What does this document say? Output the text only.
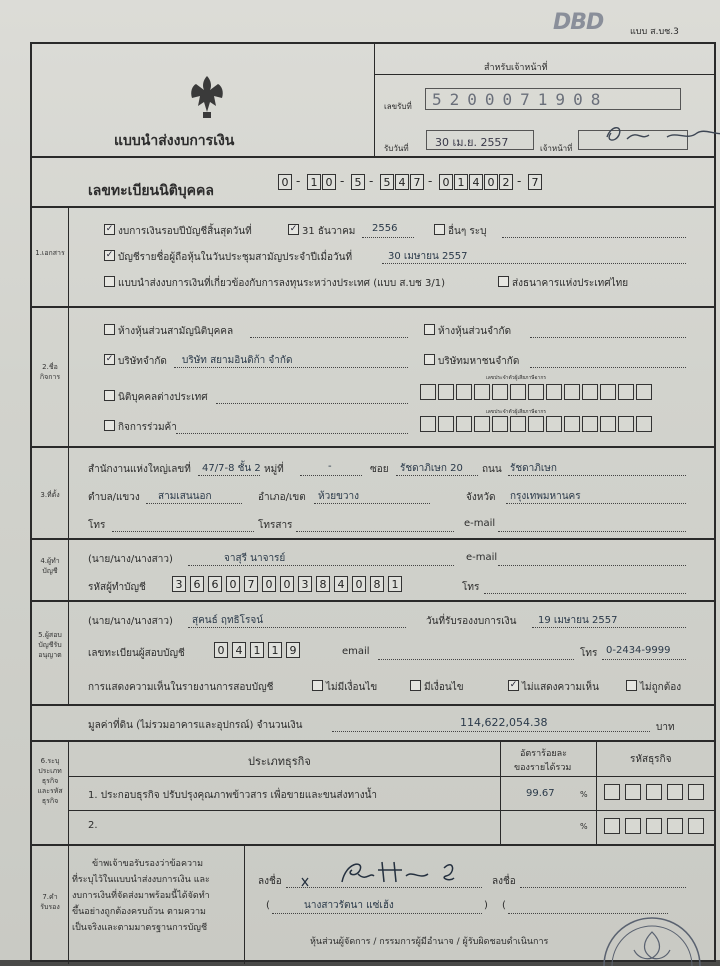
DBD	แบบ ส.บช.3
แบบนำส่งงบการเงิน
สำหรับเจ้าหน้าที่
เลขรับที่ 5200071908
รับวันที่ 30 เม.ย. 2557	เจ้าหน้าที่
เลขทะเบียนนิติบุคคล
0 - 1 0 - 5 - 5 4 7 - 0 1 4 0 2 - 7
1.เอกสาร
✓ งบการเงินรอบปีบัญชีสิ้นสุดวันที่	✓ 31 ธันวาคม 2556	อื่นๆ ระบุ
✓ บัญชีรายชื่อผู้ถือหุ้นในวันประชุมสามัญประจำปีเมื่อวันที่	30 เมษายน 2557
แบบนำส่งงบการเงินที่เกี่ยวข้องกับการลงทุนระหว่างประเทศ (แบบ ส.บช 3/1)	ส่งธนาคารแห่งประเทศไทย
2.ชื่อ
กิจการ
ห้างหุ้นส่วนสามัญนิติบุคคล	ห้างหุ้นส่วนจำกัด
✓ บริษัทจำกัด บริษัท สยามอินดิก้า จำกัด	บริษัทมหาชนจำกัด
เลขประจำตัวผู้เสียภาษีอากร
นิติบุคคลต่างประเทศ
เลขประจำตัวผู้เสียภาษีอากร
กิจการร่วมค้า
3.ที่ตั้ง
สำนักงานแห่งใหญ่เลขที่ 47/7-8 ชั้น 2 หมู่ที่	-	ซอย รัชดาภิเษก 20 ถนน รัชดาภิเษก
ตำบล/แขวง สามเสนนอก	อำเภอ/เขต ห้วยขวาง	จังหวัด กรุงเทพมหานคร
โทร	โทรสาร	e-mail
4.ผู้ทำ
บัญชี
(นาย/นาง/นางสาว)	จาสุรี นาจารย์	e-mail
รหัสผู้ทำบัญชี	3	6	6	0	7	0	0	3	8	4	0	8	1	โทร
5.ผู้สอบ
บัญชีรับ
อนุญาต
(นาย/นาง/นางสาว) สุคนธ์ ฤทธิโรจน์	วันที่รับรองงบการเงิน 19 เมษายน 2557
เลขทะเบียนผู้สอบบัญชี	0	4	1	1	9	email	โทร 0-2434-9999
การแสดงความเห็นในรายงานการสอบบัญชี	ไม่มีเงื่อนไข	มีเงื่อนไข	✓ ไม่แสดงความเห็น	ไม่ถูกต้อง
มูลค่าที่ดิน (ไม่รวมอาคารและอุปกรณ์) จำนวนเงิน	114,622,054.38	บาท
6.ระบุ
ประเภท
ธุรกิจ
และรหัส
ธุรกิจ
ประเภทธุรกิจ
อัตราร้อยละ
ของรายได้รวม
รหัสธุรกิจ
1. ประกอบธุรกิจ ปรับปรุงคุณภาพข้าวสาร เพื่อขายและขนส่งทางน้ำ	99.67	%
2.	%
7.คำ
รับรอง
ข้าพเจ้าขอรับรองว่าข้อความ
ที่ระบุไว้ในแบบนำส่งงบการเงิน และ
งบการเงินที่จัดส่งมาพร้อมนี้ได้จัดทำ
ขึ้นอย่างถูกต้องครบถ้วน ตามความ
เป็นจริงและตามมาตรฐานการบัญชี
ลงชื่อ	ลงชื่อ
(	นางสาวรัตนา แซ่เฮ้ง	) (
หุ้นส่วนผู้จัดการ / กรรมการผู้มีอำนาจ / ผู้รับผิดชอบดำเนินการ
